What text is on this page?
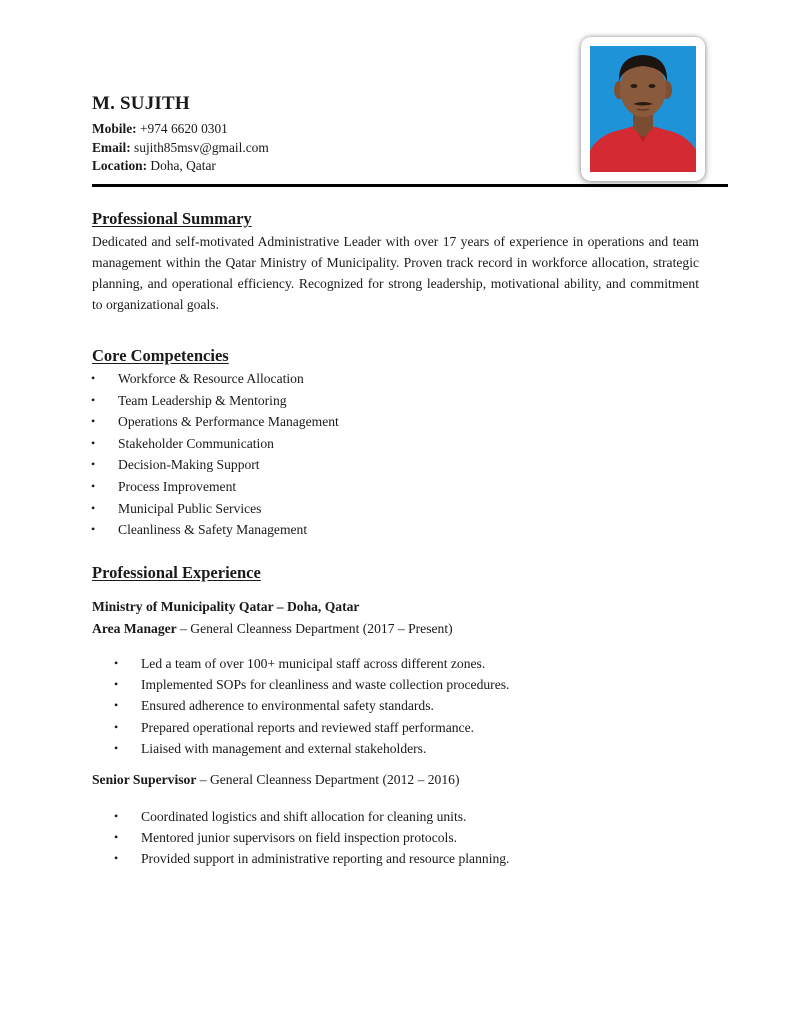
M. SUJITH
Mobile: +974 6620 0301
Email: sujith85msv@gmail.com
Location: Doha, Qatar
Professional Summary
Dedicated and self-motivated Administrative Leader with over 17 years of experience in operations and team management within the Qatar Ministry of Municipality. Proven track record in workforce allocation, strategic planning, and operational efficiency. Recognized for strong leadership, motivational ability, and commitment to organizational goals.
Core Competencies
• Workforce & Resource Allocation
• Team Leadership & Mentoring
• Operations & Performance Management
• Stakeholder Communication
• Decision-Making Support
• Process Improvement
• Municipal Public Services
• Cleanliness & Safety Management
Professional Experience
Ministry of Municipality Qatar – Doha, Qatar
Area Manager – General Cleanness Department (2017 – Present)
• Led a team of over 100+ municipal staff across different zones.
• Implemented SOPs for cleanliness and waste collection procedures.
• Ensured adherence to environmental safety standards.
• Prepared operational reports and reviewed staff performance.
• Liaised with management and external stakeholders.
Senior Supervisor – General Cleanness Department (2012 – 2016)
• Coordinated logistics and shift allocation for cleaning units.
• Mentored junior supervisors on field inspection protocols.
• Provided support in administrative reporting and resource planning.
